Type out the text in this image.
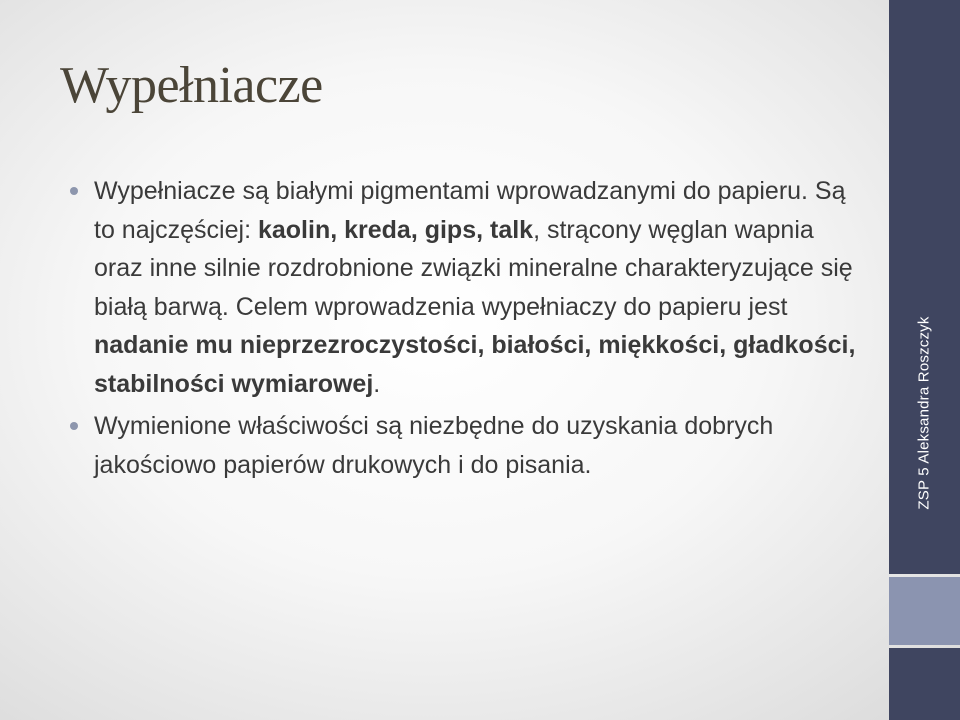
Wypełniacze
Wypełniacze są białymi pigmentami wprowadzanymi do papieru. Są to najczęściej: kaolin, kreda, gips, talk, strącony węglan wapnia oraz inne silnie rozdrobnione związki mineralne charakteryzujące się białą barwą. Celem wprowadzenia wypełniaczy do papieru jest nadanie mu nieprzezroczystości, białości, miękkości, gładkości, stabilności wymiarowej.
Wymienione właściwości są niezbędne do uzyskania dobrych jakościowo papierów drukowych i do pisania.	ZSP 5 Aleksandra Roszczyk
